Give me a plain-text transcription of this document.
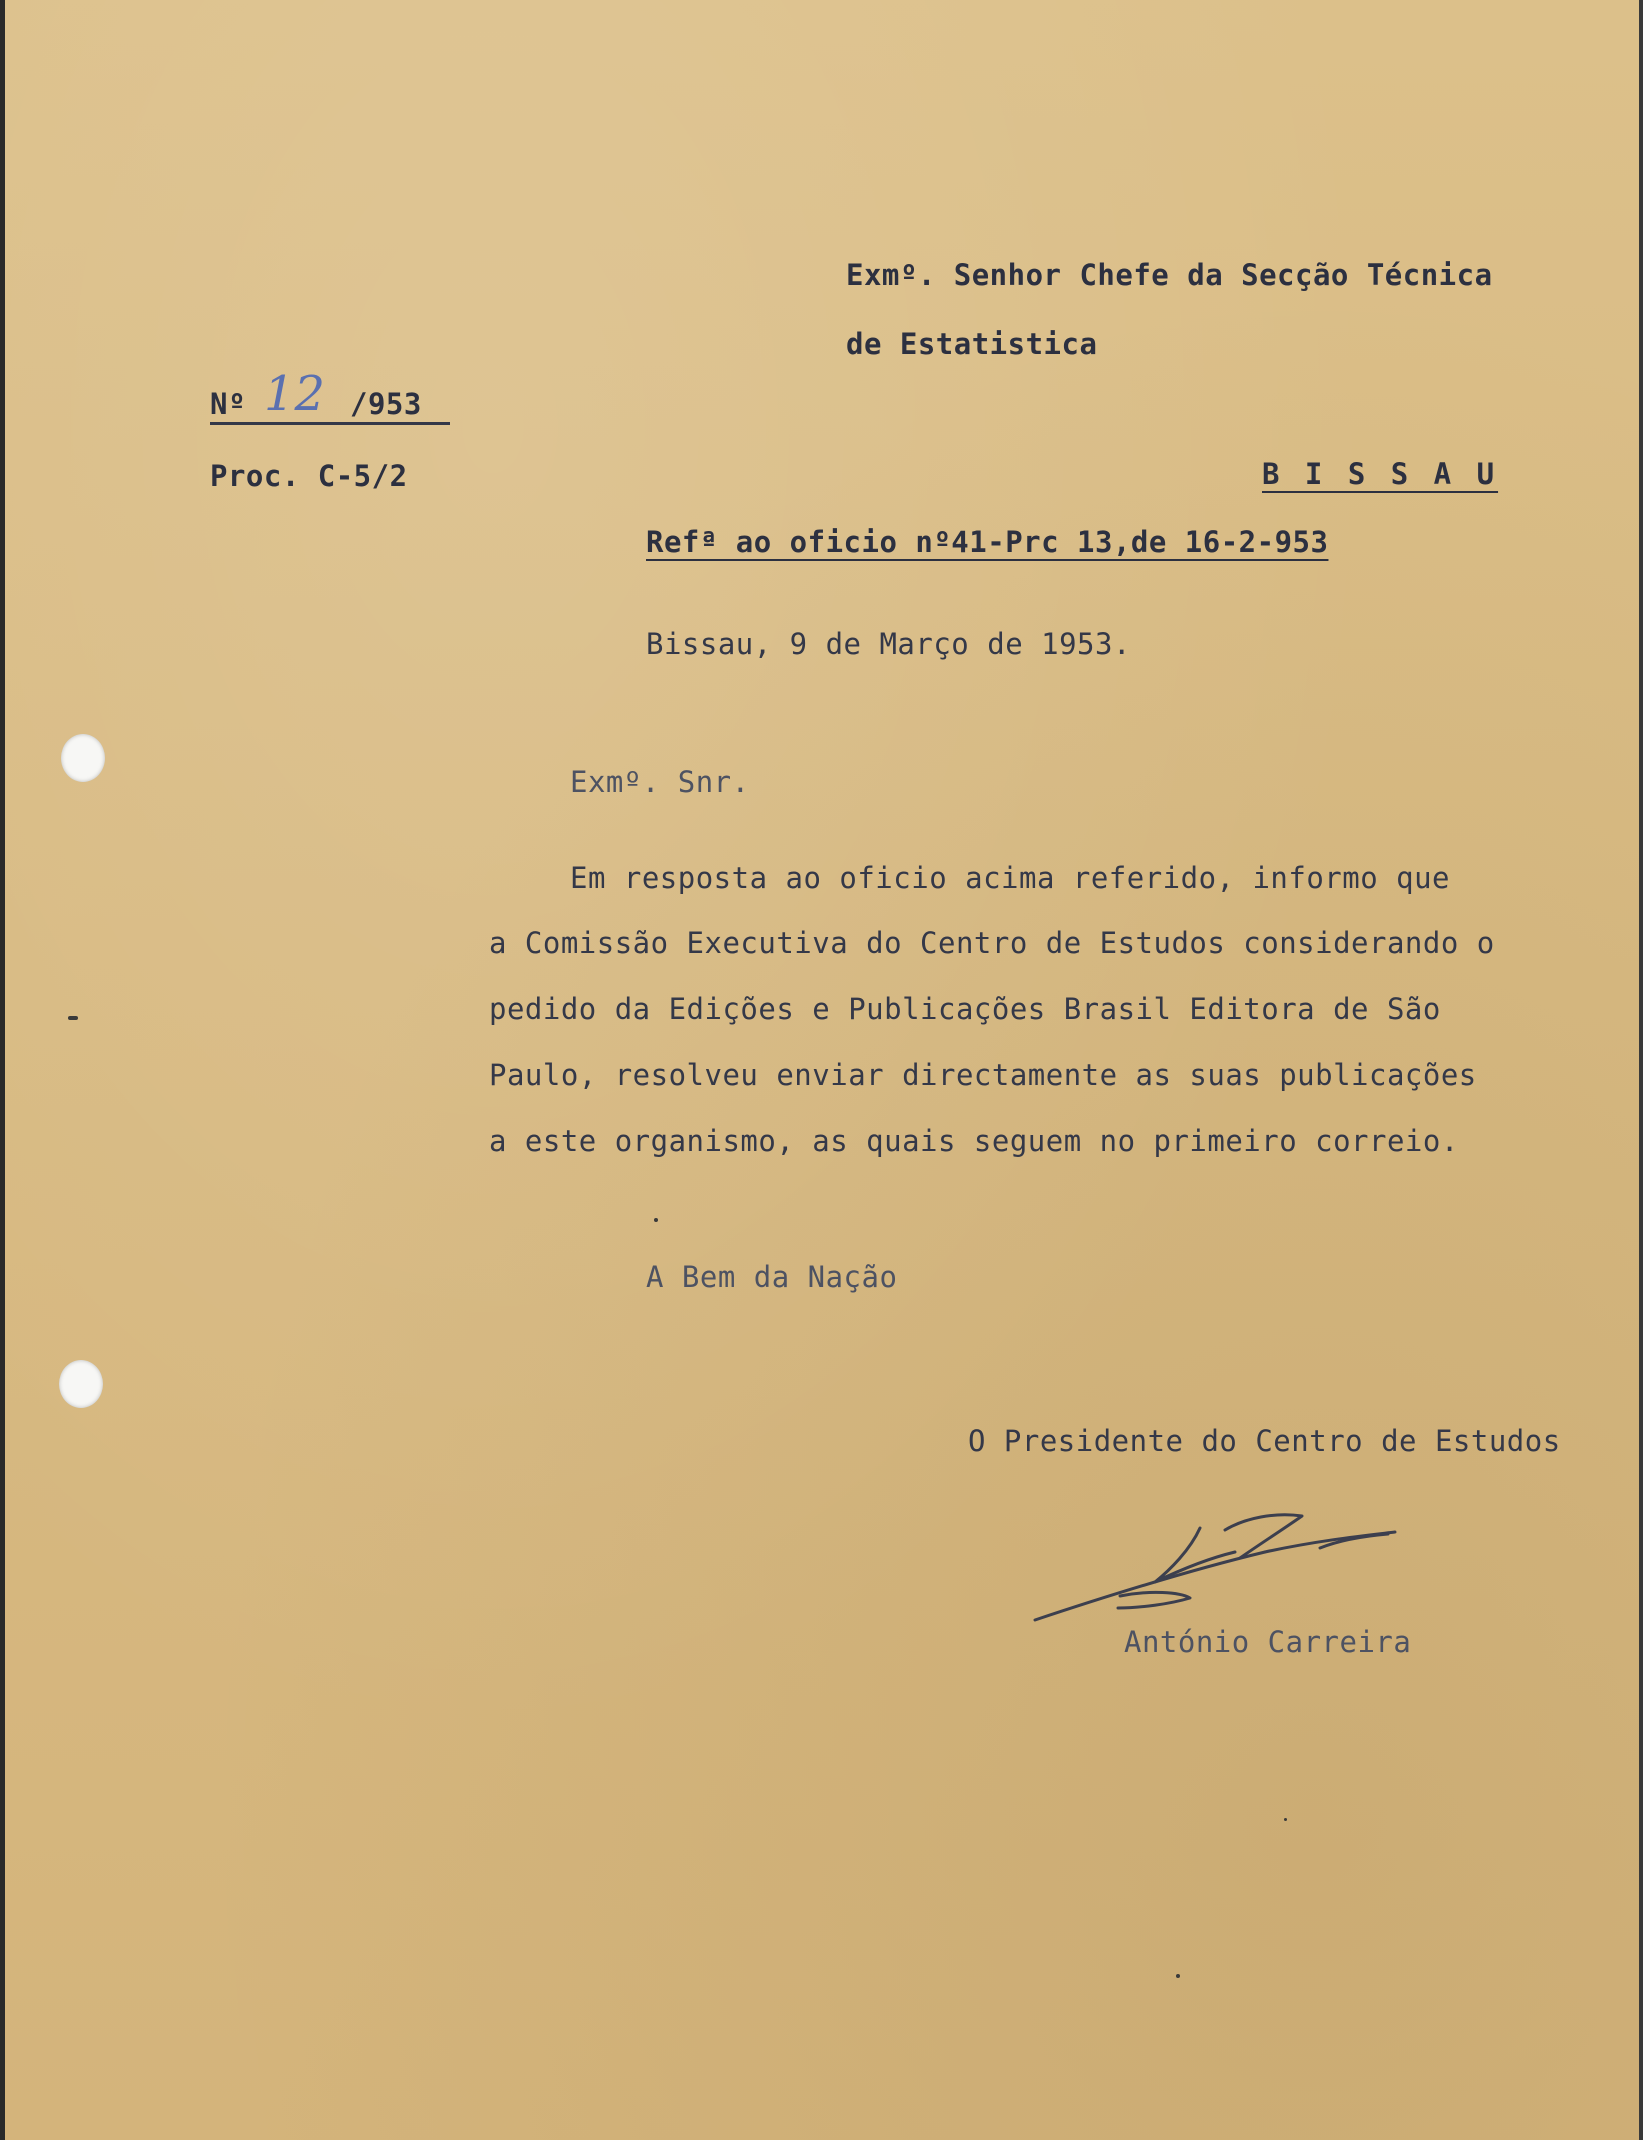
Exmº. Senhor Chefe da Secção Técnica
de Estatistica
Nº 12 /953
Proc. C-5/2	B I S S A U
Refª ao oficio nº41-Prc 13,de 16-2-953
Bissau, 9 de Março de 1953.
Exmº. Snr.
Em resposta ao oficio acima referido, informo que
a Comissão Executiva do Centro de Estudos considerando o
pedido da Edições e Publicações Brasil Editora de São
Paulo, resolveu enviar directamente as suas publicações
a este organismo, as quais seguem no primeiro correio.
A Bem da Nação
O Presidente do Centro de Estudos
António Carreira
